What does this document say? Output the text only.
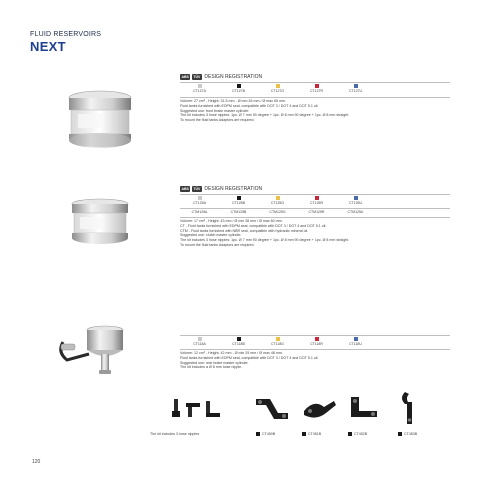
FLUID RESERVOIRS
NEXT
ABS TÜV DESIGN REGISTRATION
CT127A	CT127B	CT127G	CT127R	CT127U
Volume: 27 cm³ - Height: 31.5 mm - Ø mm 45 mm / Ø max 65 mm.
Fluid tanks furnished with EDPM seal, compatible with DOT 3 / DOT 4 and DOT 5.1 oil.
Suggested use: front brake master cylinder.
The kit includes 3 hose nipples: 1pc. Ø 7 mm 90 degree + 1pc. Ø 8 mm 90 degree + 1pc. Ø 8 mm straight.
To mount the fluid tanks Adaptors are required.
ABS TÜV DESIGN REGISTRATION
CT125A	CT125B	CT125G	CT125R	CT125U
CTM125A	CTM125B	CTM125G	CTM125R	CTM125U
Volume: 17 cm³ - Height: 43 mm / Ø min 38 mm / Ø max 60 mm.
CT - Fluid tanks furnished with EDPM seal, compatible with DOT 3 / DOT 4 and DOT 5.1 oil.
CTM - Fluid tanks furnished with NBR seal, compatible with hydraulic mineral oil.
Suggested use: clutch master cylinder.
The kit includes 3 hose nipples: 1pc. Ø 7 mm 90 degree + 1pc. Ø 8 mm 90 degree + 1pc. Ø 8 mm straight.
To mount the fluid tanks Adaptors are required.
CT118A	CT118B	CT118G	CT118R	CT118U
Volume: 12 cm³ - Height: 42 mm - Ø min 29 mm / Ø max 48 mm.
Fluid tanks furnished with EDPM seal, compatible with DOT 3 / DOT 4 and DOT 5.1 oil.
Suggested use: rear brake master cylinder.
The kit includes a Ø 8 mm hose nipple.
The kit includes 3 hose nipples	CT450B	CT451B	CT452B	CT453B
120
